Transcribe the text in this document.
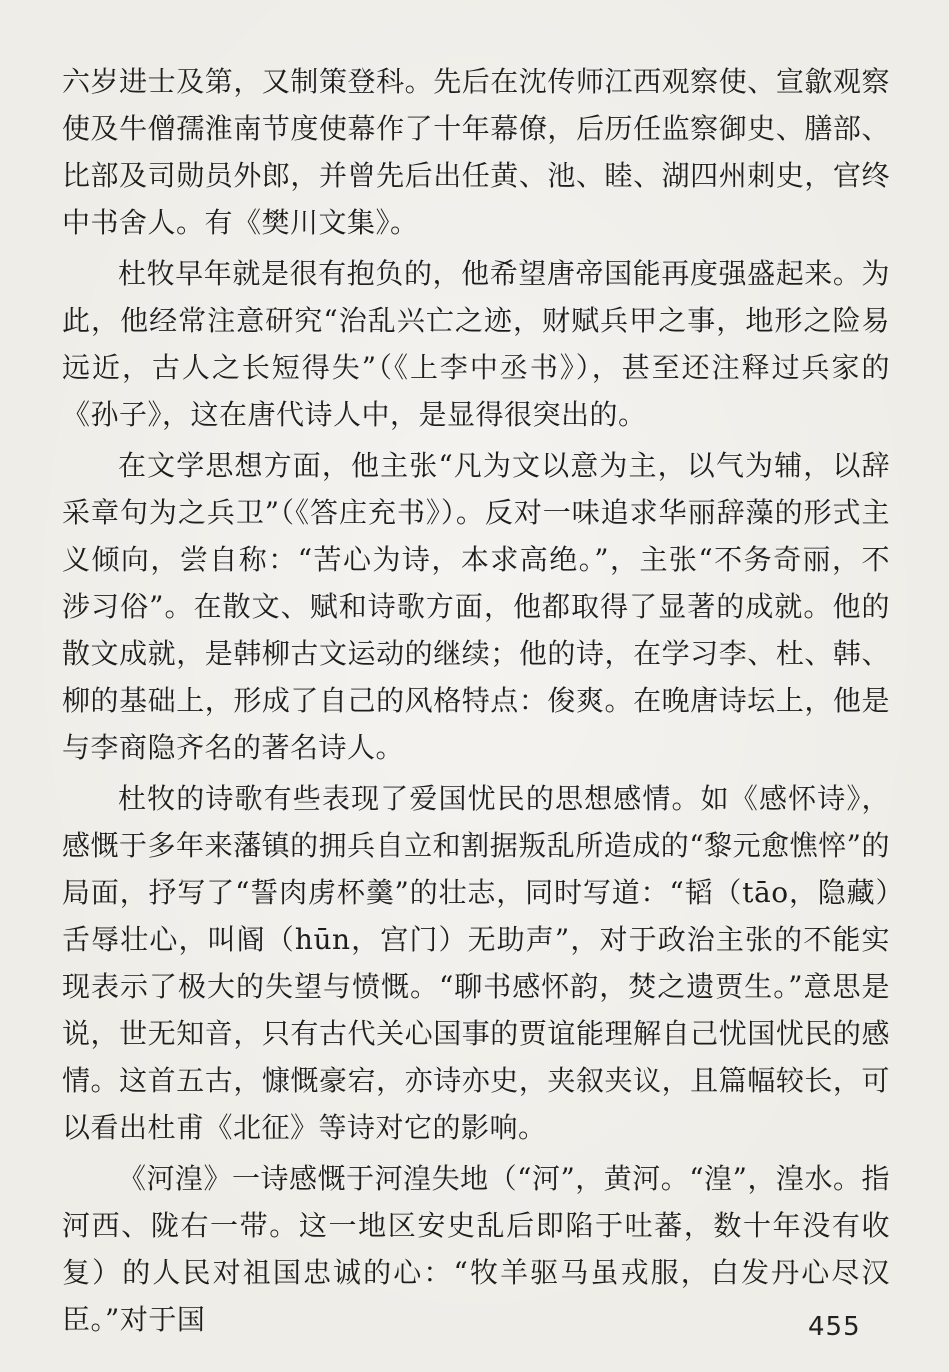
六岁进士及第，又制策登科。先后在沈传师江西观察使、宣歙观察使及牛僧孺淮南节度使幕作了十年幕僚，后历任监察御史、膳部、比部及司勋员外郎，并曾先后出任黄、池、睦、湖四州刺史，官终中书舍人。有《樊川文集》。

杜牧早年就是很有抱负的，他希望唐帝国能再度强盛起来。为此，他经常注意研究“治乱兴亡之迹，财赋兵甲之事，地形之险易远近，古人之长短得失”（《上李中丞书》），甚至还注释过兵家的《孙子》，这在唐代诗人中，是显得很突出的。

在文学思想方面，他主张“凡为文以意为主，以气为辅，以辞采章句为之兵卫”（《答庄充书》）。反对一味追求华丽辞藻的形式主义倾向，尝自称：“苦心为诗，本求高绝。”，主张“不务奇丽，不涉习俗”。在散文、赋和诗歌方面，他都取得了显著的成就。他的散文成就，是韩柳古文运动的继续；他的诗，在学习李、杜、韩、柳的基础上，形成了自己的风格特点：俊爽。在晚唐诗坛上，他是与李商隐齐名的著名诗人。

杜牧的诗歌有些表现了爱国忧民的思想感情。如《感怀诗》，感慨于多年来藩镇的拥兵自立和割据叛乱所造成的“黎元愈憔悴”的局面，抒写了“誓肉虏杯羹”的壮志，同时写道：“韬（tāo，隐藏）舌辱壮心，叫阍（hūn，宫门）无助声”，对于政治主张的不能实现表示了极大的失望与愤慨。“聊书感怀韵，焚之遗贾生。”意思是说，世无知音，只有古代关心国事的贾谊能理解自己忧国忧民的感情。这首五古，慷慨豪宕，亦诗亦史，夹叙夹议，且篇幅较长，可以看出杜甫《北征》等诗对它的影响。

《河湟》一诗感慨于河湟失地（“河”，黄河。“湟”，湟水。指河西、陇右一带。这一地区安史乱后即陷于吐蕃，数十年没有收复）的人民对祖国忠诚的心：“牧羊驱马虽戎服，白发丹心尽汉臣。”对于国	455
